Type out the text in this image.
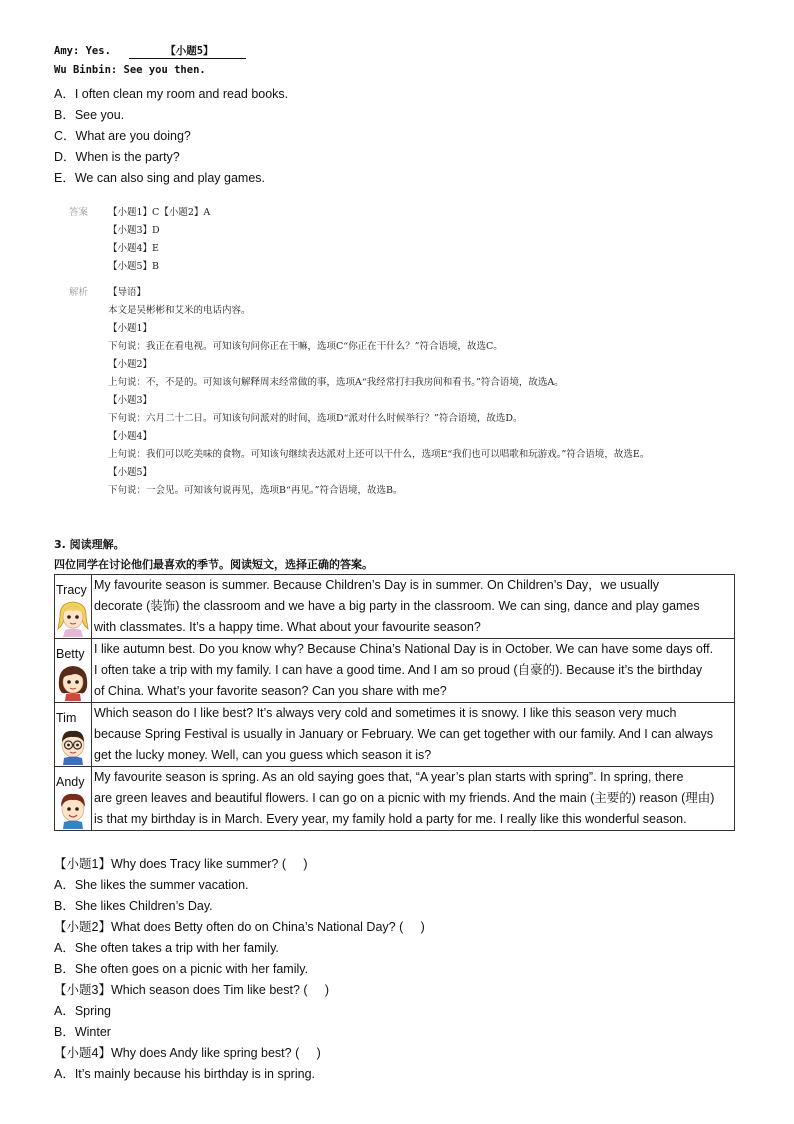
Amy: Yes.	【小题5】
Wu Binbin: See you then.
A．I often clean my room and read books.
B．See you.
C．What are you doing?
D．When is the party?
E．We can also sing and play games.
答案 【小题1】C【小题2】A
【小题3】D
【小题4】E
【小题5】B
解析 【导语】
本文是吴彬彬和艾米的电话内容。
【小题1】
下句说：我正在看电视。可知该句问你正在干嘛，选项C“你正在干什么？”符合语境，故选C。
【小题2】
上句说：不，不是的。可知该句解释周末经常做的事，选项A“我经常打扫我房间和看书。”符合语境，故选A。
【小题3】
下句说：六月二十二日。可知该句问派对的时间，选项D“派对什么时候举行？”符合语境，故选D。
【小题4】
上句说：我们可以吃美味的食物。可知该句继续表达派对上还可以干什么，选项E“我们也可以唱歌和玩游戏。”符合语境，故选E。
【小题5】
下句说：一会见。可知该句说再见，选项B“再见。”符合语境，故选B。
3. 阅读理解。
四位同学在讨论他们最喜欢的季节。阅读短文，选择正确的答案。
Tracy	My favourite season is summer. Because Children’s Day is in summer. On Children’s Day，we usually
decorate (装饰) the classroom and we have a big party in the classroom. We can sing, dance and play games
with classmates. It’s a happy time. What about your favourite season?

Betty	I like autumn best. Do you know why? Because China’s National Day is in October. We can have some days off.
I often take a trip with my family. I can have a good time. And I am so proud (自豪的). Because it’s the birthday
of China. What’s your favorite season? Can you share with me?

Tim	Which season do I like best? It’s always very cold and sometimes it is snowy. I like this season very much
because Spring Festival is usually in January or February. We can get together with our family. And I can always
get the lucky money. Well, can you guess which season it is?

Andy	My favourite season is spring. As an old saying goes that, “A year’s plan starts with spring”. In spring, there
are green leaves and beautiful flowers. I can go on a picnic with my friends. And the main (主要的) reason (理由)
is that my birthday is in March. Every year, my family hold a party for me. I really like this wonderful season.
【小题1】Why does Tracy like summer? (     )
A．She likes the summer vacation.
B．She likes Children’s Day.
【小题2】What does Betty often do on China’s National Day? (     )
A．She often takes a trip with her family.
B．She often goes on a picnic with her family.
【小题3】Which season does Tim like best? (     )
A．Spring
B．Winter
【小题4】Why does Andy like spring best? (     )
A．It’s mainly because his birthday is in spring.
